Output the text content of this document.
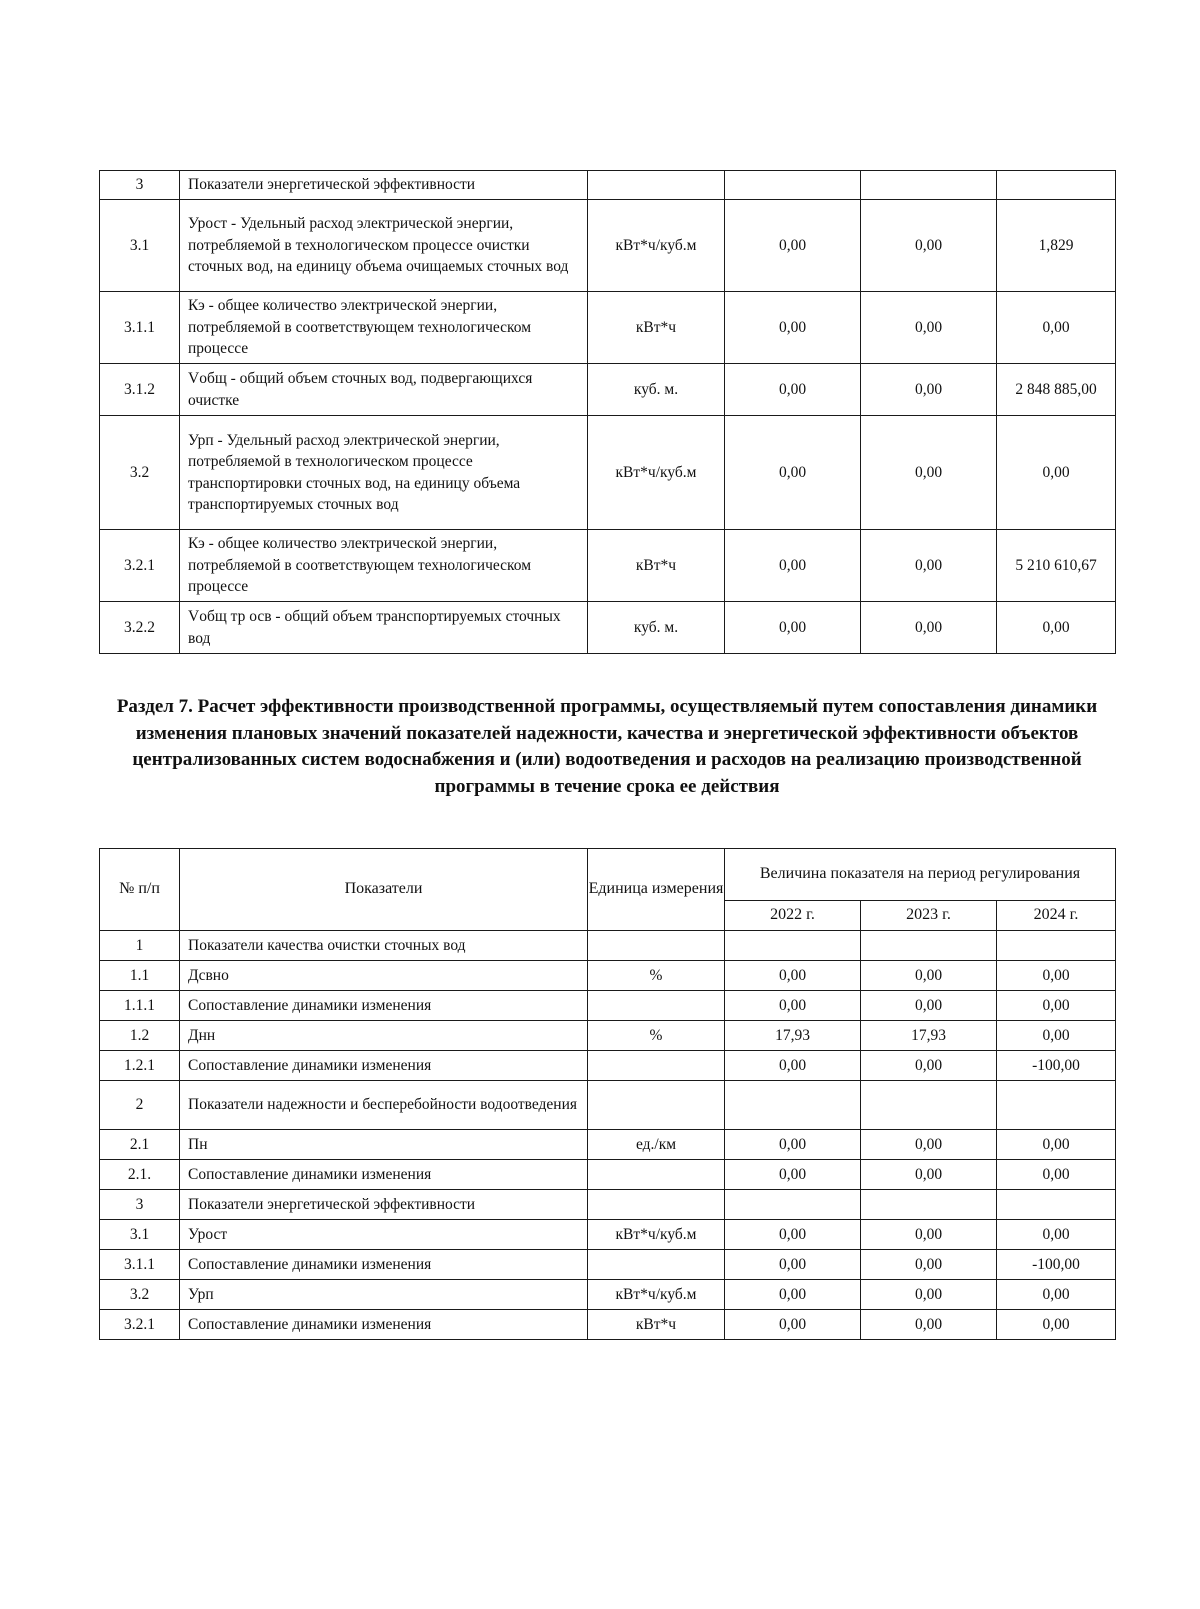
3	Показатели энергетической эффективности				
3.1	Урост - Удельный расход электрической энергии, потребляемой в технологическом процессе очистки сточных вод, на единицу объема очищаемых сточных вод	кВт*ч/куб.м	0,00	0,00	1,829
3.1.1	Кэ - общее количество электрической энергии, потребляемой в соответствующем технологическом процессе	кВт*ч	0,00	0,00	0,00
3.1.2	Vобщ - общий объем сточных вод, подвергающихся очистке	куб. м.	0,00	0,00	2 848 885,00
3.2	Урп - Удельный расход электрической энергии, потребляемой в технологическом процессе транспортировки сточных вод, на единицу объема транспортируемых сточных вод	кВт*ч/куб.м	0,00	0,00	0,00
3.2.1	Кэ - общее количество электрической энергии, потребляемой в соответствующем технологическом процессе	кВт*ч	0,00	0,00	5 210 610,67
3.2.2	Vобщ тр осв - общий объем транспортируемых сточных вод	куб. м.	0,00	0,00	0,00
Раздел 7. Расчет эффективности производственной программы, осуществляемый путем сопоставления динамики изменения плановых значений показателей надежности, качества и энергетической эффективности объектов централизованных систем водоснабжения и (или) водоотведения и расходов на реализацию производственной программы в течение срока ее действия
№ п/п	Показатели	Единица измерения	Величина показателя на период регулирования		
			2022 г.	2023 г.	2024 г.
1	Показатели качества очистки сточных вод				
1.1	Дсвно	%	0,00	0,00	0,00
1.1.1	Сопоставление динамики изменения		0,00	0,00	0,00
1.2	Днн	%	17,93	17,93	0,00
1.2.1	Сопоставление динамики изменения		0,00	0,00	-100,00
2	Показатели надежности и бесперебойности водоотведения				
2.1	Пн	ед./км	0,00	0,00	0,00
2.1.	Сопоставление динамики изменения		0,00	0,00	0,00
3	Показатели энергетической эффективности				
3.1	Урост	кВт*ч/куб.м	0,00	0,00	0,00
3.1.1	Сопоставление динамики изменения		0,00	0,00	-100,00
3.2	Урп	кВт*ч/куб.м	0,00	0,00	0,00
3.2.1	Сопоставление динамики изменения	кВт*ч	0,00	0,00	0,00
